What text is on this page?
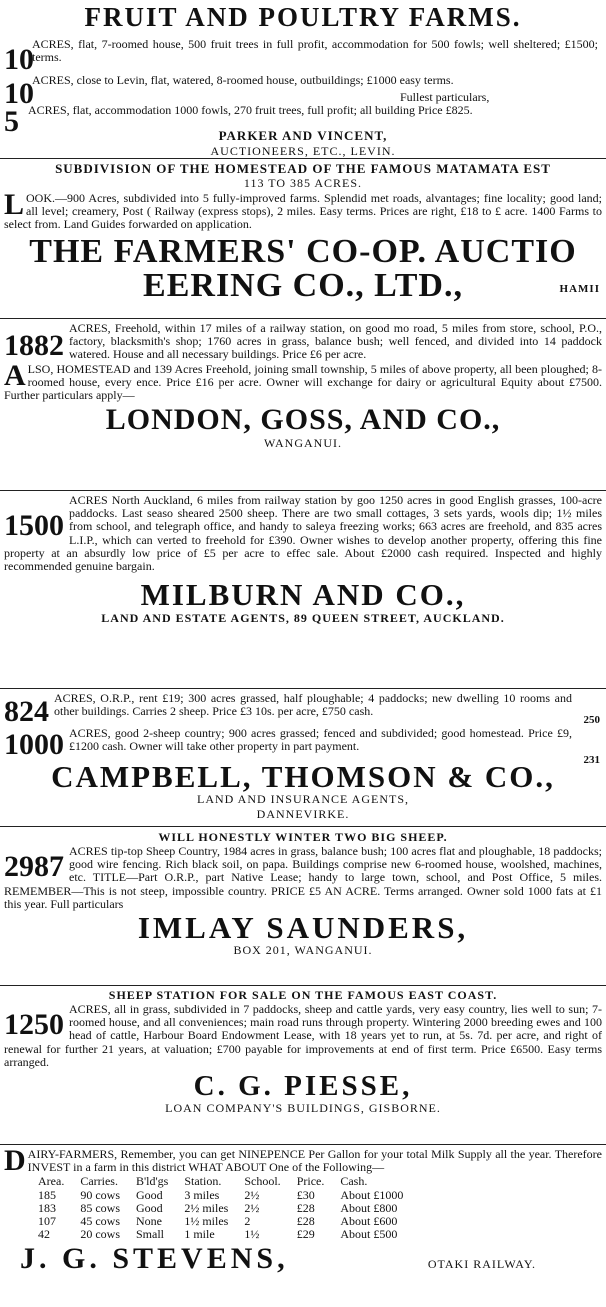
FRUIT AND POULTRY FARMS.
10
ACRES, flat, 7-roomed house, 500 fruit trees in full profit, accommodation for 500 fowls; well sheltered; £1500; terms.
10
ACRES, close to Levin, flat, watered, 8-roomed house, outbuildings; £1000 easy terms.
5 ACRES, flat, accommodation 1000 fowls, 270 fruit trees, full profit; all building Price £825.
Fullest particulars,
PARKER AND VINCENT,
AUCTIONEERS, ETC., LEVIN.
SUBDIVISION OF THE HOMESTEAD OF THE FAMOUS MATAMATA EST
113 TO 385 ACRES.
L OOK.—900 Acres, subdivided into 5 fully-improved farms. Splendid met roads, alvantages; fine locality; good land; all level; creamery, Post ( Railway (express stops), 2 miles. Easy terms. Prices are right, £18 to £ acre. 1400 Farms to select from. Land Guides forwarded on application.
THE FARMERS' CO-OP. AUCTIO
EERING CO., LTD.,	HAMII
1882
ACRES, Freehold, within 17 miles of a railway station, on good mo road, 5 miles from store, school, P.O., factory, blacksmith's shop; 1760 acres in grass, balance bush; well fenced, and divided into 14 paddock watered. House and all necessary buildings. Price £6 per acre.
A LSO, HOMESTEAD and 139 Acres Freehold, joining small township, 5 miles of above property, all been ploughed; 8-roomed house, every ence. Price £16 per acre. Owner will exchange for dairy or agricultural Equity about £7500. Further particulars apply—
LONDON, GOSS, AND CO.,
WANGANUI.
1500
ACRES North Auckland, 6 miles from railway station by goo 1250 acres in good English grasses, 100-acre paddocks. Last seaso sheared 2500 sheep. There are two small cottages, 3 sets yards, wools dip; 1½ miles from school, and telegraph office, and handy to saleya freezing works; 663 acres are freehold, and 835 acres L.I.P., which can verted to freehold for £390. Owner wishes to develop another property, offering this fine property at an absurdly low price of £5 per acre to effec sale. About £2000 cash required. Inspected and highly recommended genuine bargain.
MILBURN AND CO.,
LAND AND ESTATE AGENTS, 89 QUEEN STREET, AUCKLAND.
824 ACRES, O.R.P., rent £19; 300 acres grassed, half ploughable; 4 paddocks; new dwelling 10 rooms and other buildings. Carries 2 sheep. Price £3 10s. per acre, £750 cash.
250
1000 ACRES, good 2-sheep country; 900 acres grassed; fenced and subdivided; good homestead. Price £9, £1200 cash. Owner will take other property in part payment.
231
CAMPBELL, THOMSON & CO.,
LAND AND INSURANCE AGENTS,
DANNEVIRKE.
WILL HONESTLY WINTER TWO BIG SHEEP.
2987 ACRES tip-top Sheep Country, 1984 acres in grass, balance bush; 100 acres flat and ploughable, 18 paddocks; good wire fencing. Rich black soil, on papa. Buildings comprise new 6-roomed house, woolshed, machines, etc. TITLE—Part O.R.P., part Native Lease; handy to large town, school, and Post Office, 5 miles. REMEMBER—This is not steep, impossible country. PRICE £5 AN ACRE. Terms arranged. Owner sold 1000 fats at £1 this year. Full particulars
IMLAY SAUNDERS,
BOX 201, WANGANUI.
SHEEP STATION FOR SALE ON THE FAMOUS EAST COAST.
1250 ACRES, all in grass, subdivided in 7 paddocks, sheep and cattle yards, very easy country, lies well to sun; 7-roomed house, and all conveniences; main road runs through property. Wintering 2000 breeding ewes and 100 head of cattle, Harbour Board Endowment Lease, with 18 years yet to run, at 5s. 7d. per acre, and right of renewal for further 21 years, at valuation; £700 payable for improvements at end of first term. Price £6500. Easy terms arranged.
C. G. PIESSE,
LOAN COMPANY'S BUILDINGS, GISBORNE.
D AIRY-FARMERS, Remember, you can get NINEPENCE Per Gallon for your total Milk Supply all the year. Therefore INVEST in a farm in this district WHAT ABOUT One of the Following—
Area.	Carries.	B'ld'gs	Station.	School.	Price.	Cash.
185	90 cows	Good	3 miles	2½	£30	About £1000
183	85 cows	Good	2½ miles	2½	£28	About £800
107	45 cows	None	1½ miles	2	£28	About £600
42	20 cows	Small	1 mile	1½	£29	About £500
J. G. STEVENS,	OTAKI RAILWAY.
